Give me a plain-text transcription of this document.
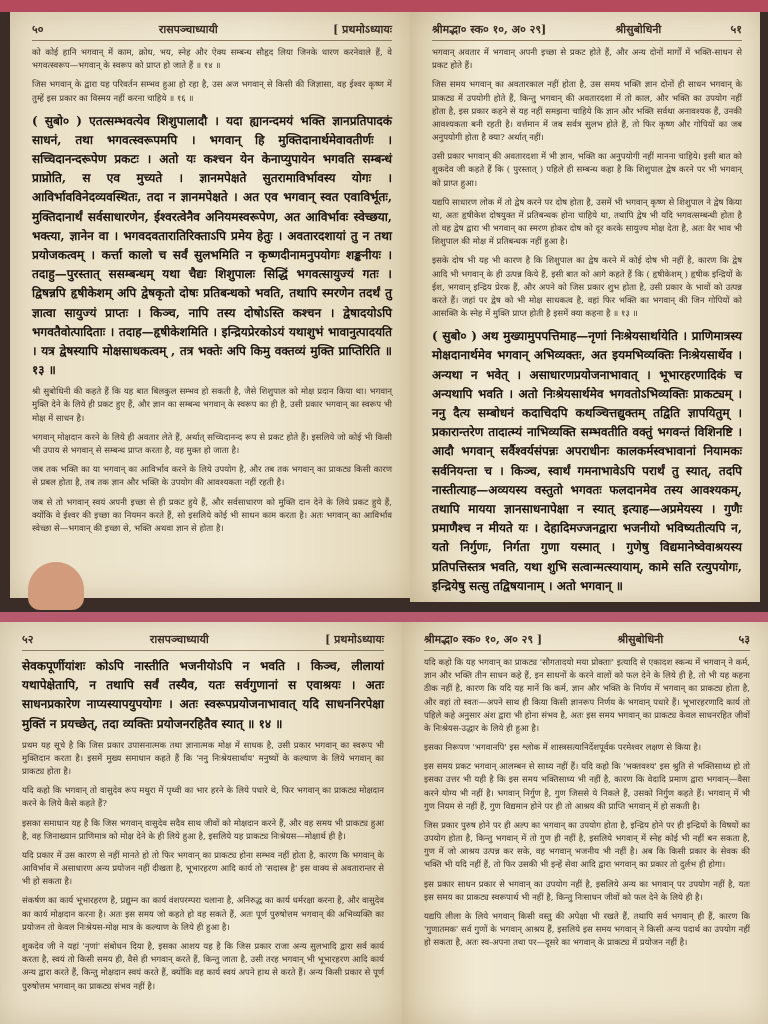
५०	रासपञ्चाध्यायी	[ प्रथमोऽध्यायः

को कोई हानि भगवान् में काम, क्रोध, भय, स्नेह और ऐक्य सम्बन्ध सौहृद लिया जिनके धारण करनेवाले हैं, वे भगवत्स्वरूप—भगवान् के स्वरूप को प्राप्त हो जाते हैं ॥ १४ ॥

जिस भगवान् के द्वारा यह परिवर्तन सम्भव हुआ हो रहा है, उस अज भगवान् से किसी की जिज्ञासा, वह ईश्वर कृष्ण में तुम्हें इस प्रकार का विस्मय नहीं करना चाहिये ॥ १६ ॥

( सुबो० ) एतत्सम्भवत्येव शिशुपालादौ । यदा ह्यानन्दमयं भक्ति ज्ञानप्रतिपादकं साधनं, तथा भगवत्स्वरूपमपि । भगवान् हि मुक्तिदानार्थमेवावतीर्णः । सच्चिदानन्दरूपेण प्रकटः । अतो यः कश्चन येन केनाप्युपायेन भगवति सम्बन्धं प्राप्नोति, स एव मुच्यते । ज्ञानमपेक्षते सुतरामाविर्भावस्य योगः । आविर्भावविनेदव्यवस्थितः, तदा न ज्ञानमपेक्षते । अत एव भगवान् स्वत एवाविर्भूतः, मुक्तिदानार्थं सर्वसाधारणेन, ईश्वरत्वेनैव अनियमस्वरूपेण, अत आविर्भावः स्वेच्छया, भक्त्या, ज्ञानेन वा । भगवदवतारातिरिक्ताऽपि प्रमेय हेतुः । अवतारदशायां तु न तथा प्रयोजकत्वम् । कर्त्ता कालो च सर्वं सुलभमिति न कृष्णदीनामनुपयोगः शङ्कनीयः । तदाहु—पुरस्तात् ससम्बन्धम् यथा चैद्यः शिशुपालः सिद्धिं भगवत्सायुज्यं गतः । द्विषन्नपि हृषीकेशम् अपि द्वेषकृतो दोषः प्रतिबन्धको भवति, तथापि स्मरणेन तदर्थं तु ज्ञात्वा सायुज्यं प्राप्तः । किञ्च, नापि तस्य दोषोऽस्ति कश्चन । द्वेषादयोऽपि भगवतैवोत्पादिताः । तदाह—हृषीकेशमिति । इन्द्रियप्रेरकोऽयं यथाशुभं भावानुत्पादयति । यत्र द्वेषस्यापि मोक्षसाधकत्वम् , तत्र भक्तेः अपि किमु वक्तव्यं मुक्ति प्राप्तिरिति ॥ १३ ॥

श्री सुबोधिनी की कहते हैं कि यह बात बिलकुल सम्भव हो सकती है, जैसे शिशुपाल को मोक्ष प्रदान किया था। भगवान् मुक्ति देने के लिये ही प्रकट हुए हैं, और ज्ञान का सम्बन्ध भगवान् के स्वरूप का ही है, उसी प्रकार भगवान् का स्वरूप भी मोक्ष में साधन है।

भगवान् मोक्षदान करने के लिये ही अवतार लेते हैं, अर्थात् सच्चिदानन्द रूप से प्रकट होते हैं। इसलिये जो कोई भी किसी भी उपाय से भगवान् से सम्बन्ध प्राप्त करता है, वह मुक्त हो जाता है।

जब तक भक्ति का या भगवान् का आविर्भाव करने के लिये उपयोग है, और तब तक भगवान् का प्राकट्य किसी कारण से प्रबल होता है, तब तक ज्ञान और भक्ति के उपयोग की आवश्यकता नहीं रहती है।

जब से तो भगवान् स्वयं अपनी इच्छा से ही प्रकट हुये हैं, और सर्वसाधारण को मुक्ति दान देने के लिये प्रकट हुये हैं, क्योंकि वे ईश्वर की इच्छा का नियमन करते हैं, सो इसलिये कोई भी साधन काम करता है। अतः भगवान् का आविर्भाव स्वेच्छा से—भगवान् की इच्छा से, भक्ति अथवा ज्ञान से होता है।

श्रीमद्भा० स्क० १०, अ० २९]	श्रीसुबोधिनी	५१

भगवान् अवतार में भगवान् अपनी इच्छा से प्रकट होते हैं, और अन्य दोनों मार्गों में भक्ति-साधन से प्रकट होते हैं।

जिस समय भगवान् का अवतारकाल नहीं होता है, उस समय भक्ति ज्ञान दोनों ही साधन भगवान् के प्राकट्य में उपयोगी होते हैं, किन्तु भगवान् की अवतारदशा में तो काल, और भक्ति का उपयोग नहीं होता है, इस प्रकार कहने से यह नहीं समझना चाहिये कि ज्ञान और भक्ति सर्वथा अनावश्यक हैं, उनकी आवश्यकता बनी रहती है। वर्त्तमान में जब सर्वत्र सुलभ होते हैं, तो फिर कृष्ण और गोपियों का जब अनुपयोगी होता है क्या? अर्थात् नहीं।

उसी प्रकार भगवान् की अवतारदशा में भी ज्ञान, भक्ति का अनुपयोगी नहीं मानना चाहिये। इसी बात को शुकदेव जी कहते हैं कि ( पुरस्तात् ) पहिले ही सम्बन्ध कहा है कि शिशुपाल द्वेष करने पर भी भगवान् को प्राप्त हुआ।

यद्यपि साधारण लोक में तो द्वेष करने पर दोष होता है, उसमें भी भगवान् कृष्ण से शिशुपाल ने द्वेष किया था, अतः हृषीकेश दोषयुक्त में प्रतिबन्धक होना चाहिये था, तथापि द्वेष भी यदि भगवत्सम्बन्धी होता है तो वह द्वेष द्वारा भी भगवान् का स्मरण होकर दोष को दूर करके सायुज्य मोक्ष देता है, अतः वैर भाव भी शिशुपाल की मोक्ष में प्रतिबन्धक नहीं हुआ है।

इसके दोष भी यह भी कारण है कि शिशुपाल का द्वेष करने में कोई दोष भी नहीं है, कारण कि द्वेष आदि भी भगवान् के ही उत्पन्न किये हैं, इसी बात को आगे कहते हैं कि ( हृषीकेशम् ) हृषीक इन्द्रियों के ईश, भगवान् इन्द्रिय प्रेरक हैं, और अपने को जिस प्रकार शुभ होता है, उसी प्रकार के भावों को उत्पन्न करते हैं। जहां पर द्वेष को भी मोक्ष साधकत्व है, वहां फिर भक्ति का भगवान् की जिन गोपियों को आसक्ति के स्नेह में मुक्ति प्राप्त होती है इसमें क्या कहना है ॥ १३ ॥

( सुबो० ) अथ मुख्यामुपपत्तिमाह—नृणां निःश्रेयसार्थायेति । प्राणिमात्रस्य मोक्षदानार्थमेव भगवान् अभिव्यक्तः, अत इयमभिव्यक्तिः निःश्रेयसार्थेव । अन्यथा न भवेत् । असाधारणप्रयोजनाभावात् । भूभारहरणादिकं च अन्यथापि भवति । अतो निःश्रेयसार्थमेव भगवतोऽभिव्यक्तिः प्राकट्यम् । ननु दैत्य सम्बोधनं कदाचिदपि कथञ्चित्तद्युक्तम् तद्विति ज्ञापयितुम् । प्रकारान्तरेण तादात्म्यं नाभिव्यक्ति सम्भवतीति वक्तुं भगवन्तं विशिनष्टि । आदौ भगवान् सर्वैश्वर्यसंपन्नः अपराधीनः कालकर्मस्वभावानां नियामकः सर्वनियन्ता च । किञ्च, स्वार्थं गमनाभावेऽपि परार्थं तु स्यात्, तदपि नास्तीत्याह—अव्ययस्य वस्तुतो भगवतः फलदानमेव तस्य आवश्यकम्, तथापि मायया ज्ञानसाधनापेक्षा न स्यात् इत्याह—अप्रमेयस्य । गुणैः प्रमाणैश्च न मीयते यः । देहादिमज्जनद्वारा भजनीयो भविष्यतीत्यपि न, यतो निर्गुणः, निर्गता गुणा यस्मात् । गुणेषु विद्यमानेष्वेवाश्रयस्य प्रतिपत्तिस्तत्र भवति, यथा शुभि सत्वान्मत्स्यायाम्, कामे सति रत्युपयोगः, इन्द्रियेषु सत्सु तद्विषयानाम् । अतो भगवान् ॥

५२	रासपञ्चाध्यायी	[ प्रथमोऽध्यायः

सेवकपूर्णीयांशः कोऽपि नास्तीति भजनीयोऽपि न भवति । किञ्च, लीलायां यथापेक्षेतापि, न तथापि सर्वं तस्यैव, यतः सर्वगुणानां स एवाश्रयः । अतः साधनप्रकारेण नाप्यस्यापयुपयोगः । अतः स्वरूपप्रयोजनाभावात् यदि साधननिरपेक्षा मुक्तिं न प्रयच्छेत्, तदा व्यक्तिः प्रयोजनरहितैव स्यात् ॥ १४ ॥

प्रथम यह सूचे है कि जिस प्रकार उपासनात्मक तथा ज्ञानात्मक मोक्ष में साधक है, उसी प्रकार भगवान् का स्वरूप भी मुक्तिदान करता है। इसमें मुख्य समाधान कहते हैं कि 'ननु निःश्रेयसार्थाय' मनुष्यों के कल्याण के लिये भगवान् का प्राकट्य होता है।

यदि कहो कि भगवान् तो वासुदेव रूप मथुरा में पृथ्वी का भार हरने के लिये पधारे थे, फिर भगवान् का प्राकट्य मोक्षदान करने के लिये कैसे कहते हैं?

इसका समाधान यह है कि जिस भगवान् वासुदेव सदैव साथ जीवों को मोक्षदान करने हैं, और वह समय भी प्राकट्य हुआ है, वह जिनाख्यान प्राणिमात्र को मोक्ष देने के ही लिये हुआ है, इसलिये यह प्राकट्य निःश्रेयस—मोक्षार्थ ही है।

यदि प्रकार में उस कारण से नहीं मानते हो तो फिर भगवान् का प्राकट्य होना सम्भव नहीं होता है, कारण कि भगवान् के आविर्भाव में असाधारण अन्य प्रयोजन नहीं दीखता है, भूभारहरण आदि कार्य तो 'सदास्त्र है' इस वाक्य से अवतारान्तर से भी हो सकता है।

संकर्षण का कार्य भूभारहरण है, प्रद्युम्न का कार्य वंशपरम्परा चलाना है, अनिरुद्ध का कार्य धर्मरक्षा करना है, और वासुदेव का कार्य मोक्षदान करना है। अतः इस समय जो कहते हो वह सकते हैं, अतः पूर्ण पुरुषोत्तम भगवान् की अभिव्यक्ति का प्रयोजन तो केवल निःश्रेयस-मोक्ष मात्र के कल्याण के लिये ही हुआ है।

शुकदेव जी ने यहां 'नृणां' संबोधन दिया है, इसका आशय यह है कि जिस प्रकार राजा अन्य सुलभादि द्वारा सर्व कार्य करता है, स्वयं तो किसी समय ही, वैसे ही भगवान् करते हैं, किन्तु जाता है, उसी तरह भगवान् भी भूभारहरण आदि कार्य अन्य द्वारा करते हैं, किन्तु मोक्षदान स्वयं करते हैं, क्योंकि वह कार्य स्वयं अपने हाथ से करते हैं। अन्य किसी प्रकार से पूर्ण पुरुषोत्तम भगवान् का प्राकट्य संभव नहीं है।

श्रीमद्भा० स्क० १०, अ० २९ ]	श्रीसुबोधिनी	५३

यदि कहो कि यह भगवान् का प्राकट्य 'सौगतादयो मया प्रोक्ताः' इत्यादि से एकादश स्कन्ध में भगवान् ने कर्म, ज्ञान और भक्ति तीन साधन कहे हैं, इन साधनों के करने वालों को फल देने के लिये ही है, तो भी यह कहना ठीक नहीं है, कारण कि यदि यह मानें कि कर्म, ज्ञान और भक्ति के निर्णय में भगवान् का प्राकट्य होता है, और वहां तो स्वतः—अपने साथ ही किया किसी ज्ञानरूप निर्णय के भगवान् पधारे हैं। भूभारहरणादि कार्य तो पहिले कहे अनुसार अंश द्वारा भी होना संभव है, अतः इस समय भगवान् का प्राकट्य केवल साधनरहित जीवों के निःश्रेयस-उद्धार के लिये ही हुआ है।

इसका निरूपण 'भगवानपि' इस श्लोक में शास्त्रसत्यानिर्देशपूर्वक परमेश्वर लक्षण से किया है।

इस समय प्रकट भगवान् आलम्बन से साध्य नहीं हैं। यदि कहो कि 'भक्तवश्य' इस श्रुति से भक्तिसाध्य हो तो इसका उत्तर भी यही है कि इस समय भक्तिसाध्य भी नहीं है, कारण कि वेदादि प्रमाण द्वारा भगवान्—वैसा करने योग्य भी नहीं है। भगवान् निर्गुण है, गुण जिससे ये निकले हैं, उसको निर्गुण कहते हैं। भगवान् में भी गुण नियम से नहीं हैं, गुण विद्यमान होने पर ही तो आश्रय की प्राप्ति भगवान् में हो सकती है।

जिस प्रकार पुरुष होने पर ही अल्प का भगवान् का उपयोग होता है, इन्द्रिय होने पर ही इन्द्रियों के विषयों का उपयोग होता है, किन्तु भगवान् में तो गुण ही नहीं है, इसलिये भगवान् में स्नेह कोई भी नहीं बन सकता है, गुण में जो आश्रय उत्पन्न कर सके, वह भगवान् भजनीय भी नहीं है। अब कि किसी प्रकार के सेवक की भक्ति भी यदि नहीं हैं, तो फिर उसकी भी इन्हें सेवा आदि द्वारा भगवान् का प्रकार तो दुर्लभ ही होगा।

इस प्रकार साधन प्रकार से भगवान् का उपयोग नहीं है, इसलिये अन्य का भगवान् पर उपयोग नहीं है, यतः इस समय का प्राकट्य स्वरूपार्थ भी नहीं है, किन्तु निःसाधन जीवों को फल देने के लिये ही है।

यद्यपि लीला के लिये भगवान् किसी वस्तु की अपेक्षा भी रखते हैं, तथापि सर्व भगवान् ही हैं, कारण कि 'गुणातमक' सर्व गुणों के भगवान् आश्रय हैं, इसलिये इस समय भगवान् ने किसी अन्य पदार्थ का उपयोग नहीं हो सकता है, अतः स्व-अपना तथा पर—दूसरे का भगवान् के प्राकट्य में प्रयोजन नहीं है।
